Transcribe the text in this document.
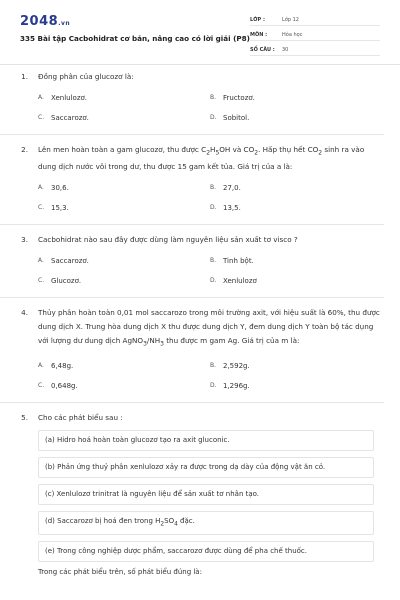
2048.vn
335 Bài tập Cacbohidrat cơ bản, nâng cao có lời giải (P8)
LỚP :	Lớp 12
MÔN :	Hóa học
SỐ CÂU :	30
1.	Đồng phân của glucozơ là:
A.	Xenlulozơ.	B. Fructozơ.
C. Saccarozơ.	D. Sobitol.
2.	Lên men hoàn toàn a gam glucozơ, thu được $C_2H_5OH$ và $CO_2$. Hấp thụ hết $CO_2$ sinh ra vào dung dịch nước vôi trong dư, thu được 15 gam kết tủa. Giá trị của a là:
A.	30,6.	B. 27,0.
C. 15,3.	D. 13,5.
3.	Cacbohidrat nào sau đây được dùng làm nguyên liệu sản xuất tơ visco ?
A.	Saccarozơ.	B. Tinh bột.
C. Glucozơ.	D. Xenlulozơ
4.	Thủy phân hoàn toàn 0,01 mol saccarozo trong môi trường axit, với hiệu suất là 60%, thu được dung dịch X. Trung hòa dung dịch X thu được dung dịch Y, đem dung dịch Y toàn bộ tác dụng với lượng dư dung dịch $AgNO_3/NH_3$ thu được m gam Ag. Giá trị của m là:
A.	6,48g.	B. 2,592g.
C. 0,648g.	D. 1,296g.
5.	Cho các phát biểu sau :
(a) Hidro hoá hoàn toàn glucozơ tạo ra axit gluconic.
(b) Phản ứng thuỷ phân xenlulozơ xảy ra được trong dạ dày của động vật ăn cỏ.
(c) Xenlulozơ trinitrat là nguyên liệu để sản xuất tơ nhân tạo.
(d) Saccarozơ bị hoá đen trong $H_2SO_4$ đặc.
(e) Trong công nghiệp dược phẩm, saccarozơ được dùng để pha chế thuốc.
Trong các phát biểu trên, số phát biểu đúng là:
